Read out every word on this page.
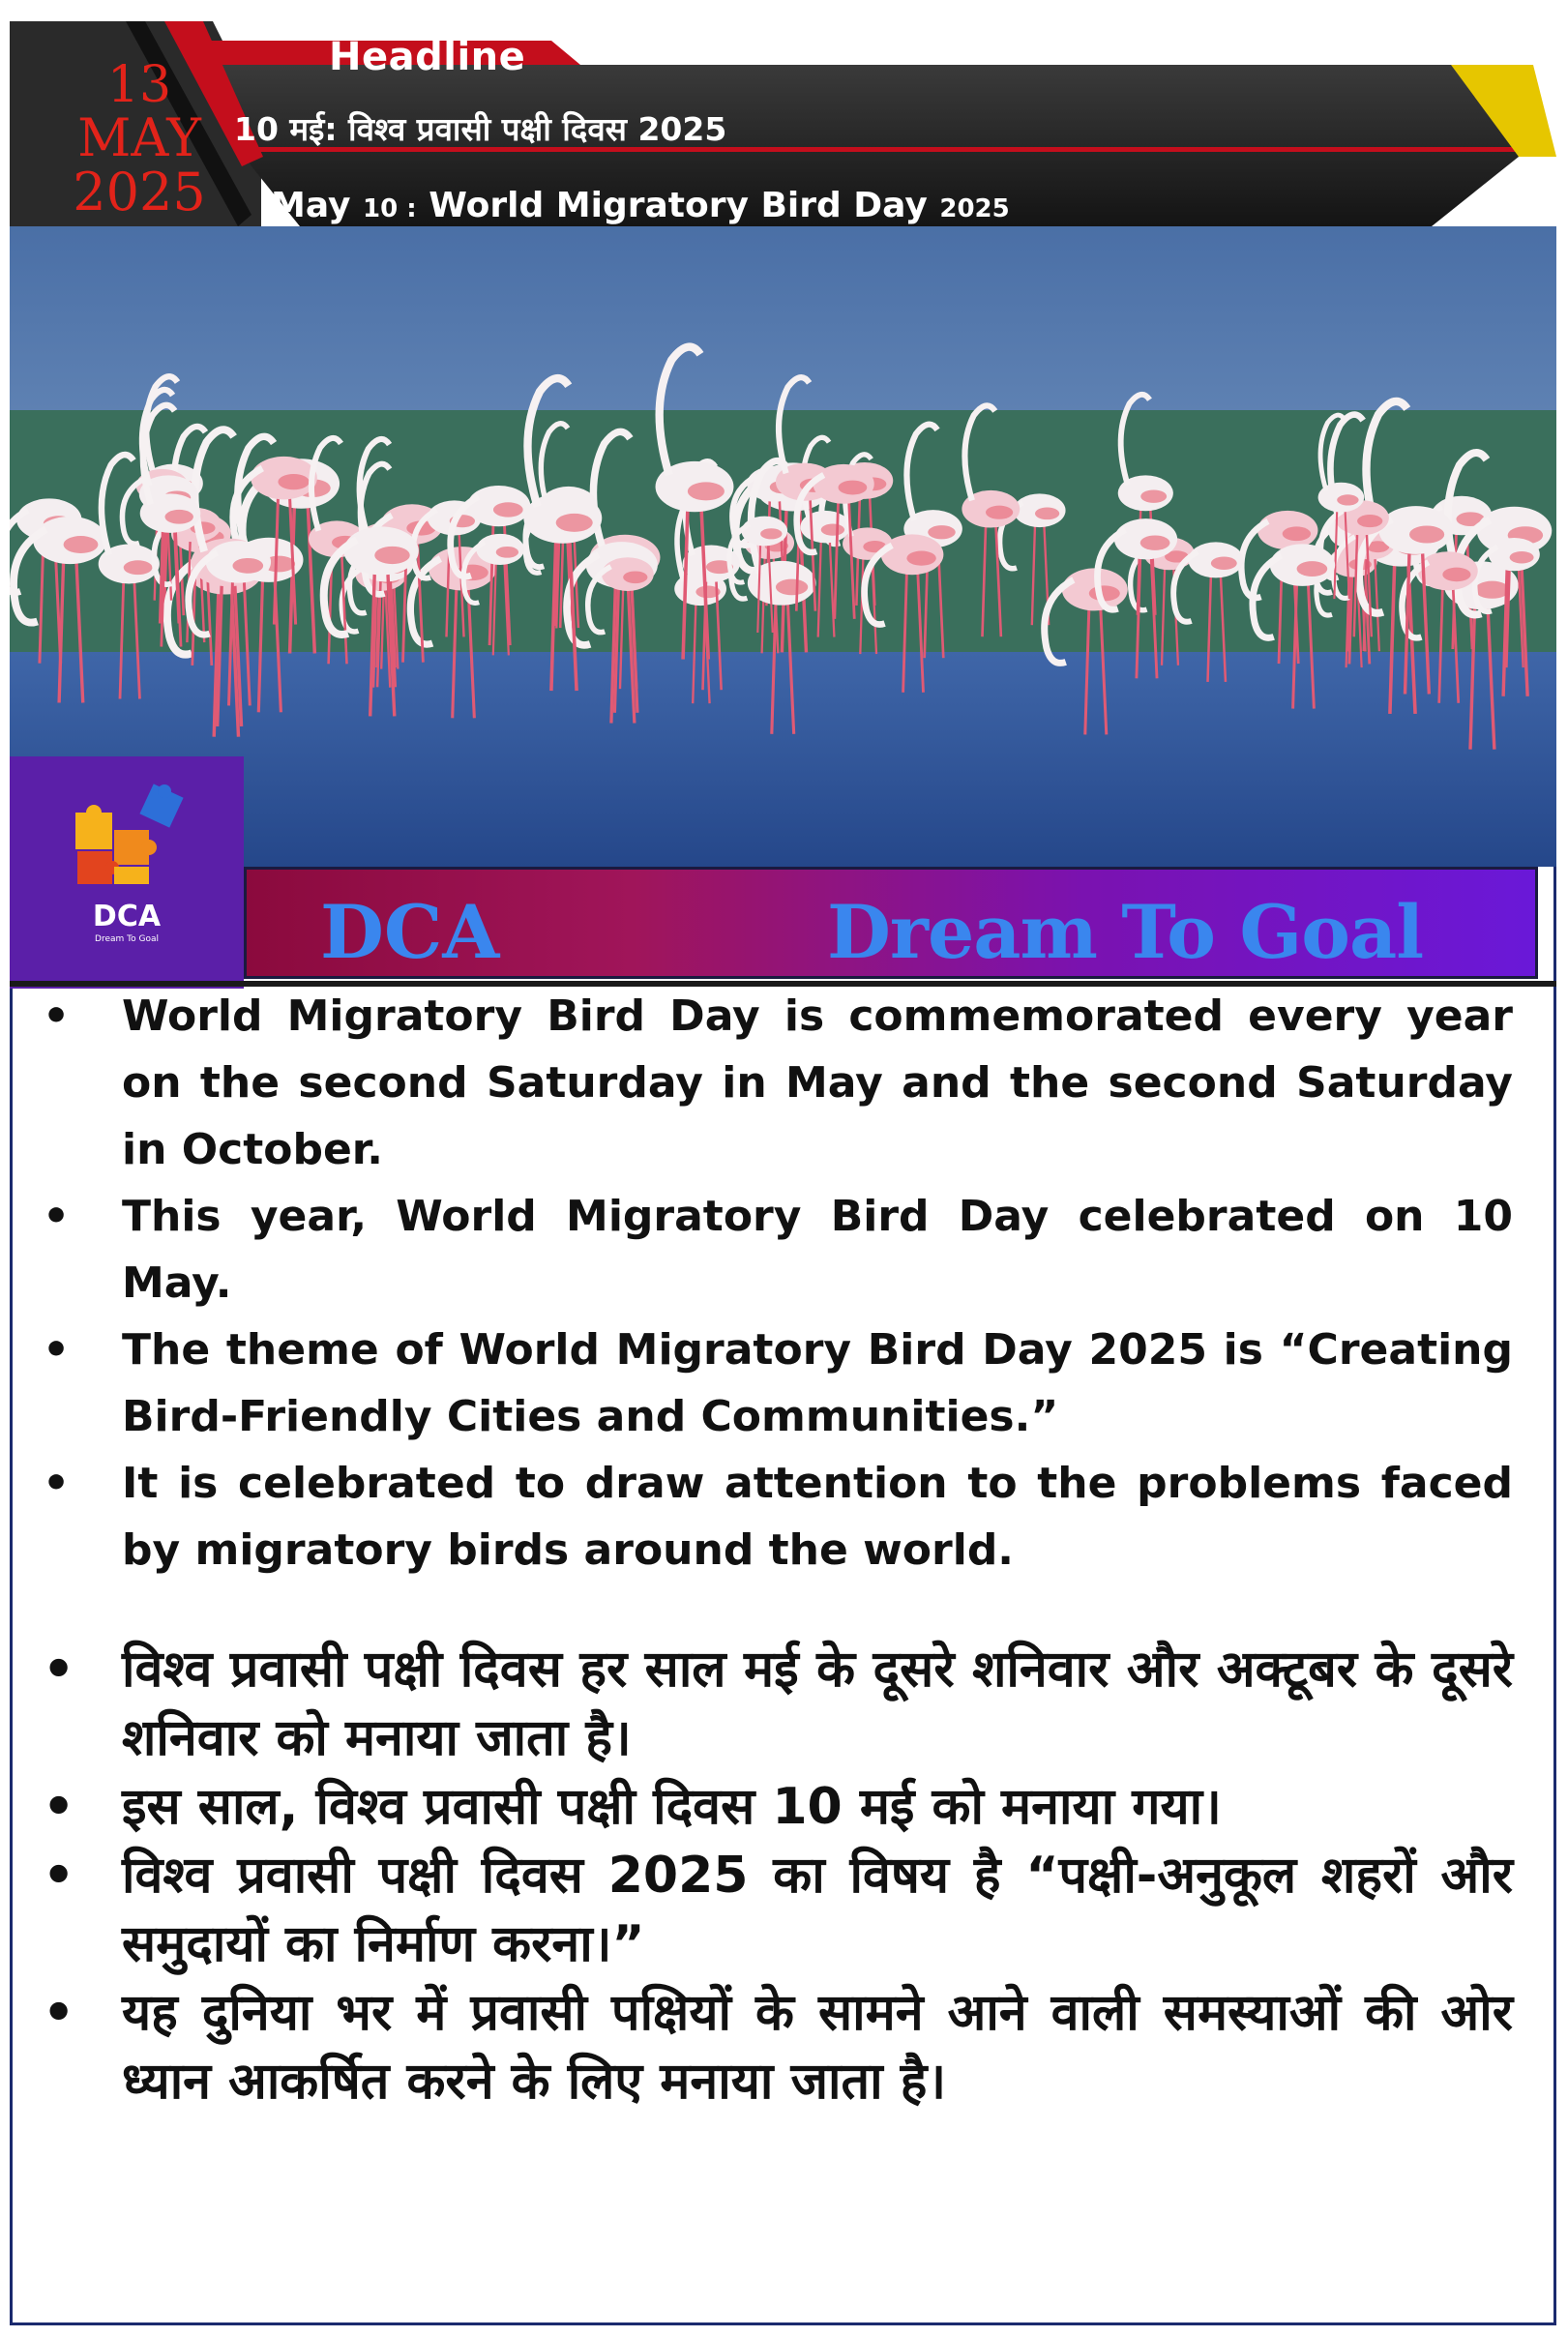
13
MAY
2025
Headline
10 मई: विश्व प्रवासी पक्षी दिवस 2025
May 10 : World Migratory Bird Day 2025
DCA
Dream To Goal	DCA	Dream To Goal
• World Migratory Bird Day is commemorated every year on the second Saturday in May and the second Saturday in October.
• This year, World Migratory Bird Day celebrated on 10 May.
• The theme of World Migratory Bird Day 2025 is “Creating Bird-Friendly Cities and Communities.”
• It is celebrated to draw attention to the problems faced by migratory birds around the world.
• विश्व प्रवासी पक्षी दिवस हर साल मई के दूसरे शनिवार और अक्टूबर के दूसरे शनिवार को मनाया जाता है।
• इस साल, विश्व प्रवासी पक्षी दिवस 10 मई को मनाया गया।
• विश्व प्रवासी पक्षी दिवस 2025 का विषय है “पक्षी-अनुकूल शहरों और समुदायों का निर्माण करना।”
• यह दुनिया भर में प्रवासी पक्षियों के सामने आने वाली समस्याओं की ओर ध्यान आकर्षित करने के लिए मनाया जाता है।
